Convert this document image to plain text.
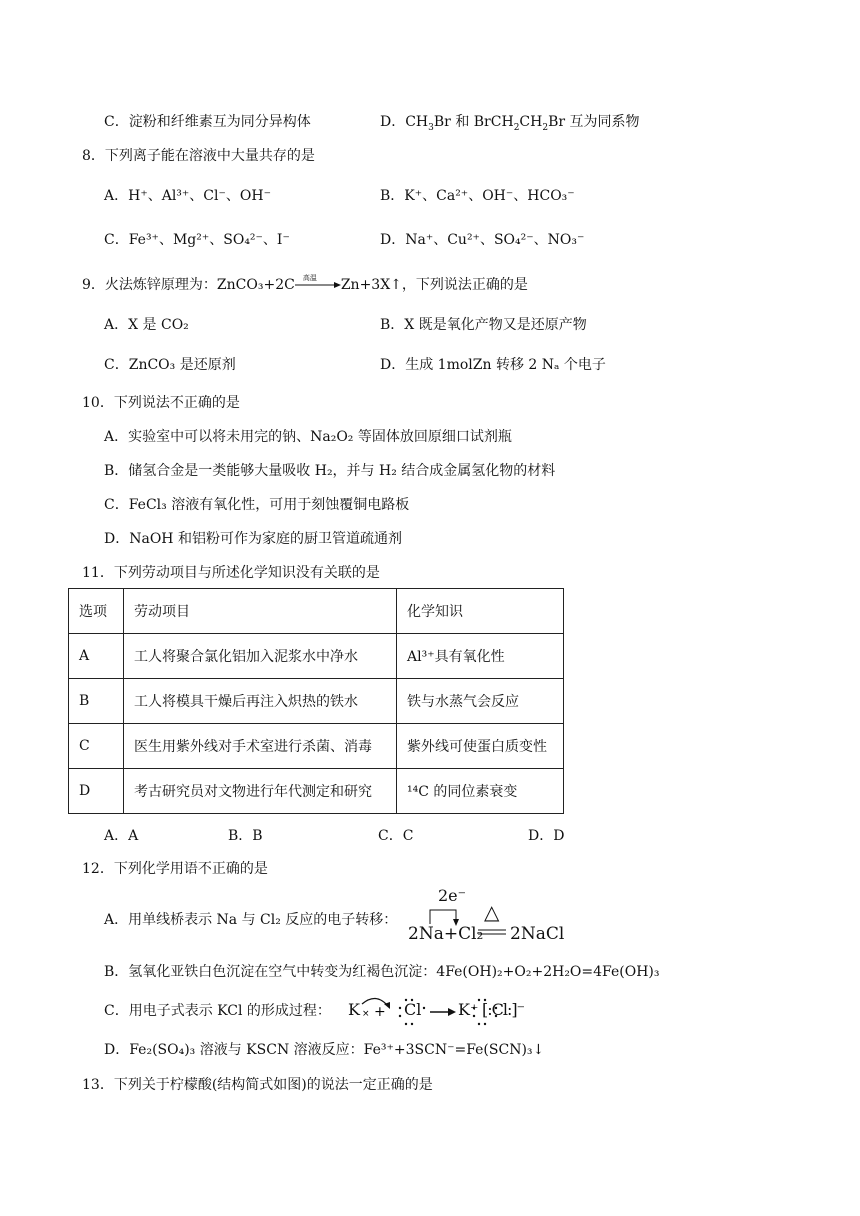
C．淀粉和纤维素互为同分异构体	D．$CH_3Br$ 和 $BrCH_2CH_2Br$ 互为同系物
8．下列离子能在溶液中大量共存的是
A．H⁺、Al³⁺、Cl⁻、OH⁻	B．K⁺、Ca²⁺、OH⁻、HCO₃⁻
C．Fe³⁺、Mg²⁺、SO₄²⁻、I⁻	D．Na⁺、Cu²⁺、SO₄²⁻、NO₃⁻
9．火法炼锌原理为：ZnCO₃+2C 高温 Zn+3X↑，下列说法正确的是
A．X 是 CO₂	B．X 既是氧化产物又是还原产物
C．ZnCO₃ 是还原剂	D．生成 1molZn 转移 2 Nₐ 个电子
10．下列说法不正确的是
A．实验室中可以将未用完的钠、Na₂O₂ 等固体放回原细口试剂瓶
B．储氢合金是一类能够大量吸收 H₂，并与 H₂ 结合成金属氢化物的材料
C．FeCl₃ 溶液有氧化性，可用于刻蚀覆铜电路板
D．NaOH 和铝粉可作为家庭的厨卫管道疏通剂
11．下列劳动项目与所述化学知识没有关联的是
选项	劳动项目	化学知识
A	工人将聚合氯化铝加入泥浆水中净水	Al³⁺具有氧化性
B	工人将模具干燥后再注入炽热的铁水	铁与水蒸气会反应
C	医生用紫外线对手术室进行杀菌、消毒	紫外线可使蛋白质变性
D	考古研究员对文物进行年代测定和研究	¹⁴C 的同位素衰变
A．A	B．B	C．C	D．D
12．下列化学用语不正确的是
A．用单线桥表示 Na 与 Cl₂ 反应的电子转移：
2e⁻
2Na+Cl₂
△
2NaCl
B．氢氧化亚铁白色沉淀在空气中转变为红褐色沉淀：4Fe(OH)₂+O₂+2H₂O=4Fe(OH)₃
C．用电子式表示 KCl 的形成过程： K × + Cl K⁺ [:Cl:]⁻
D．Fe₂(SO₄)₃ 溶液与 KSCN 溶液反应：Fe³⁺+3SCN⁻=Fe(SCN)₃↓
13．下列关于柠檬酸(结构简式如图)的说法一定正确的是
